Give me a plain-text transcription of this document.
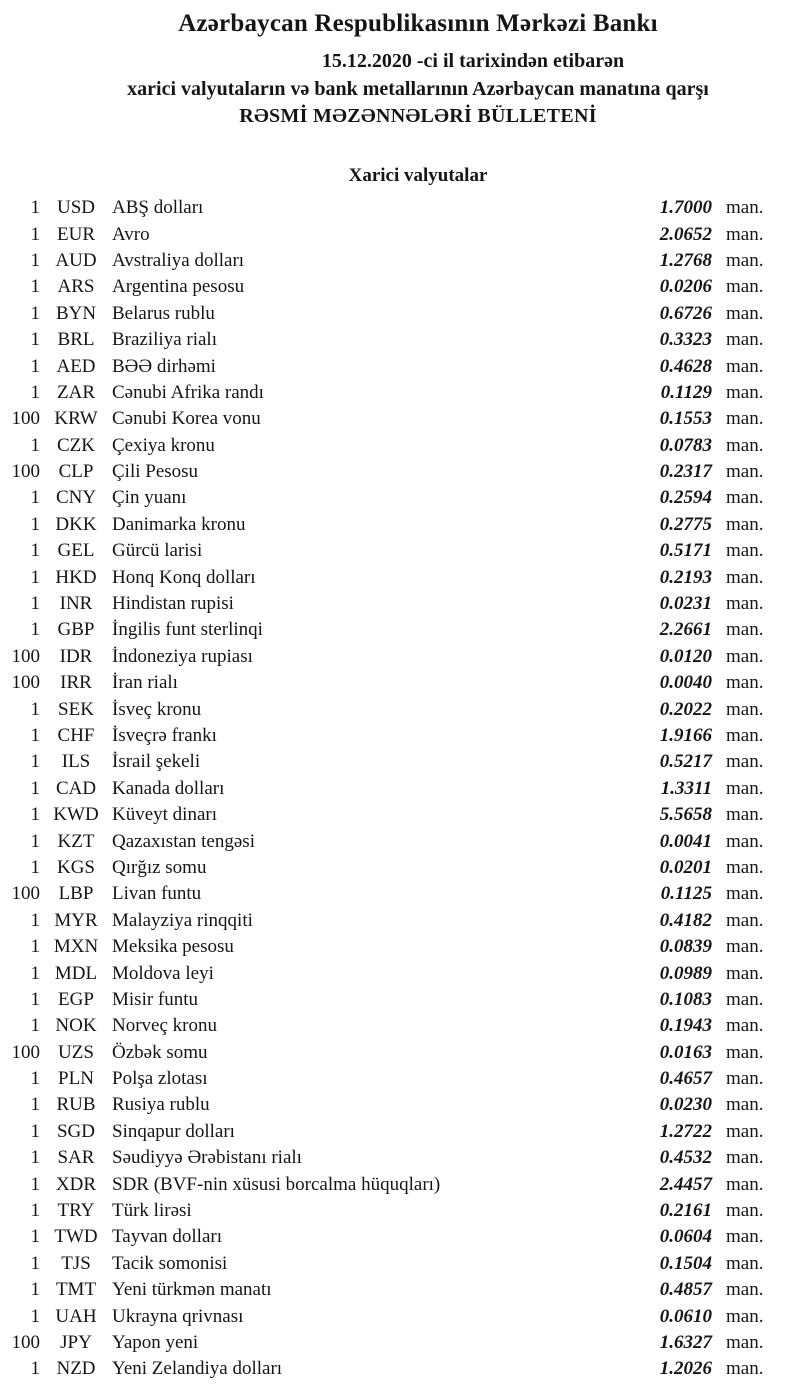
Azərbaycan Respublikasının Mərkəzi Bankı
15.12.2020 -ci il tarixindən etibarən
xarici valyutaların və bank metallarının Azərbaycan manatına qarşı
RƏSMİ MƏZƏNNƏLƏRİ BÜLLETENİ
Xarici valyutalar
1 USD ABŞ dolları	1.7000 man.
1 EUR Avro	2.0652 man.
1 AUD Avstraliya dolları	1.2768 man.
1 ARS Argentina pesosu	0.0206 man.
1 BYN Belarus rublu	0.6726 man.
1 BRL Braziliya rialı	0.3323 man.
1 AED BƏƏ dirhəmi	0.4628 man.
1 ZAR Cənubi Afrika randı	0.1129 man.
100 KRW Cənubi Korea vonu	0.1553 man.
1 CZK Çexiya kronu	0.0783 man.
100 CLP Çili Pesosu	0.2317 man.
1 CNY Çin yuanı	0.2594 man.
1 DKK Danimarka kronu	0.2775 man.
1 GEL Gürcü larisi	0.5171 man.
1 HKD Honq Konq dolları	0.2193 man.
1	INR	Hindistan rupisi	0.0231 man.
1 GBP İngilis funt sterlinqi	2.2661 man.
100	IDR	İndoneziya rupiası	0.0120 man.
100	IRR	İran rialı	0.0040 man.
1 SEK İsveç kronu	0.2022 man.
1 CHF İsveçrə frankı	1.9166 man.
1	ILS	İsrail şekeli	0.5217 man.
1 CAD Kanada dolları	1.3311 man.
1 KWD Küveyt dinarı	5.5658 man.
1 KZT Qazaxıstan tengəsi	0.0041 man.
1 KGS Qırğız somu	0.0201 man.
100 LBP Livan funtu	0.1125 man.
1 MYR Malayziya rinqqiti	0.4182 man.
1 MXN Meksika pesosu	0.0839 man.
1 MDL Moldova leyi	0.0989 man.
1 EGP Misir funtu	0.1083 man.
1 NOK Norveç kronu	0.1943 man.
100 UZS Özbək somu	0.0163 man.
1 PLN Polşa zlotası	0.4657 man.
1 RUB Rusiya rublu	0.0230 man.
1 SGD Sinqapur dolları	1.2722 man.
1 SAR Səudiyyə Ərəbistanı rialı	0.4532 man.
1 XDR SDR (BVF-nin xüsusi borcalma hüquqları)	2.4457 man.
1 TRY Türk lirəsi	0.2161 man.
1 TWD Tayvan dolları	0.0604 man.
1	TJS	Tacik somonisi	0.1504 man.
1 TMT Yeni türkmən manatı	0.4857 man.
1 UAH Ukrayna qrivnası	0.0610 man.
100	JPY	Yapon yeni	1.6327 man.
1 NZD Yeni Zelandiya dolları	1.2026 man.
